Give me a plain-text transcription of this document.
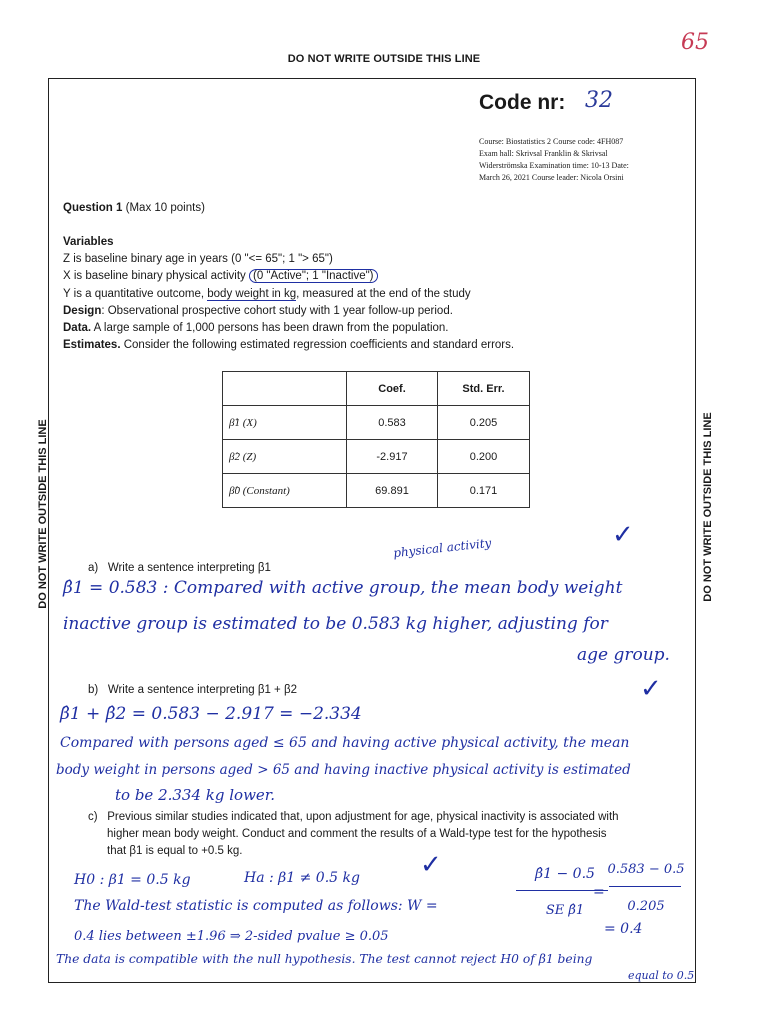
DO NOT WRITE OUTSIDE THIS LINE
65
DO NOT WRITE OUTSIDE THIS LINE	DO NOT WRITE OUTSIDE THIS LINE
Code nr: 32
Course: Biostatistics 2 Course code: 4FH087
Exam hall: Skrivsal Franklin & Skrivsal
Widerströmska Examination time: 10-13 Date:
March 26, 2021 Course leader: Nicola Orsini
Question 1 (Max 10 points)
Variables
Z is baseline binary age in years (0 "<= 65"; 1 "> 65")
X is baseline binary physical activity (0 "Active"; 1 "Inactive")
Y is a quantitative outcome, body weight in kg, measured at the end of the study
Design: Observational prospective cohort study with 1 year follow-up period.
Data. A large sample of 1,000 persons has been drawn from the population.
Estimates. Consider the following estimated regression coefficients and standard errors.
	Coef.	Std. Err.
β̂1 (X)	0.583	0.205
β̂2 (Z)	-2.917	0.200
β̂0 (Constant)	69.891	0.171
✓
physical activity
a) Write a sentence interpreting β1
β̂1 = 0.583 : Compared with active group, the mean body weight
inactive group is estimated to be 0.583 kg higher, adjusting for
age group.
✓
b) Write a sentence interpreting β1 + β2
β̂1 + β̂2 = 0.583 − 2.917 = −2.334
Compared with persons aged ≤ 65 and having active physical activity, the mean
body weight in persons aged > 65 and having inactive physical activity is estimated
to be 2.334 kg lower.
c) Previous similar studies indicated that, upon adjustment for age, physical inactivity is associated with
higher mean body weight. Conduct and comment the results of a Wald-type test for the hypothesis
that β1 is equal to +0.5 kg.
H0 : β1 = 0.5 kg	Ha : β1 ≠ 0.5 kg ✓
The Wald-test statistic is computed as follows: W =
β̂1 − 0.5
SE β̂1
=
0.583 − 0.5
0.205
= 0.4
0.4 lies between ±1.96 ⇒ 2-sided pvalue ≥ 0.05
The data is compatible with the null hypothesis. The test cannot reject H0 of β1 being
equal to 0.5
